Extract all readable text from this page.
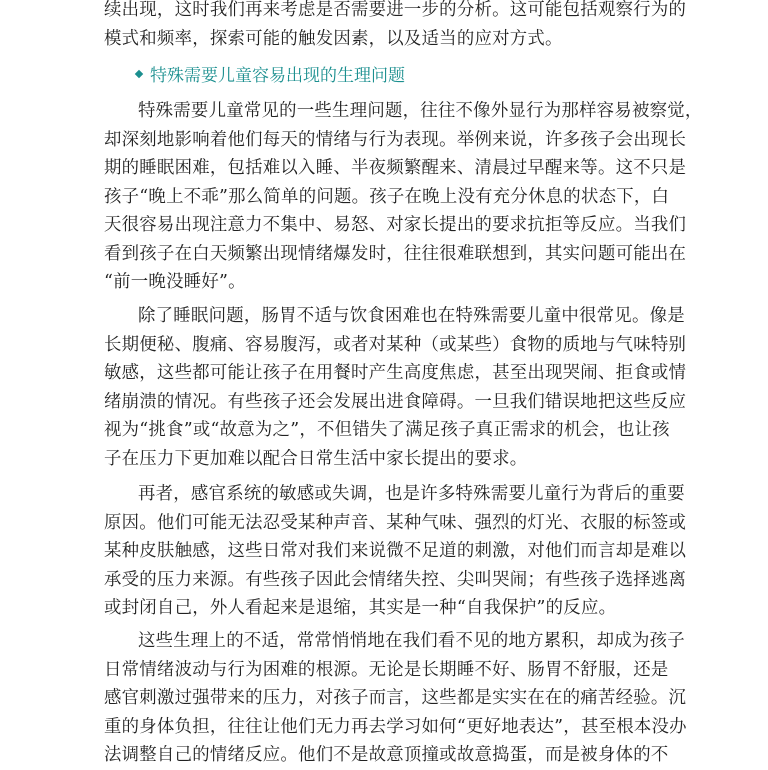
续出现，这时我们再来考虑是否需要进一步的分析。这可能包括观察行为的
模式和频率，探索可能的触发因素，以及适当的应对方式。

特殊需要儿童容易出现的生理问题

特殊需要儿童常见的一些生理问题，往往不像外显行为那样容易被察觉，
却深刻地影响着他们每天的情绪与行为表现。举例来说，许多孩子会出现长
期的睡眠困难，包括难以入睡、半夜频繁醒来、清晨过早醒来等。这不只是
孩子“晚上不乖”那么简单的问题。孩子在晚上没有充分休息的状态下，白
天很容易出现注意力不集中、易怒、对家长提出的要求抗拒等反应。当我们
看到孩子在白天频繁出现情绪爆发时，往往很难联想到，其实问题可能出在
“前一晚没睡好”。

除了睡眠问题，肠胃不适与饮食困难也在特殊需要儿童中很常见。像是
长期便秘、腹痛、容易腹泻，或者对某种（或某些）食物的质地与气味特别
敏感，这些都可能让孩子在用餐时产生高度焦虑，甚至出现哭闹、拒食或情
绪崩溃的情况。有些孩子还会发展出进食障碍。一旦我们错误地把这些反应
视为“挑食”或“故意为之”，不但错失了满足孩子真正需求的机会，也让孩
子在压力下更加难以配合日常生活中家长提出的要求。

再者，感官系统的敏感或失调，也是许多特殊需要儿童行为背后的重要
原因。他们可能无法忍受某种声音、某种气味、强烈的灯光、衣服的标签或
某种皮肤触感，这些日常对我们来说微不足道的刺激，对他们而言却是难以
承受的压力来源。有些孩子因此会情绪失控、尖叫哭闹；有些孩子选择逃离
或封闭自己，外人看起来是退缩，其实是一种“自我保护”的反应。

这些生理上的不适，常常悄悄地在我们看不见的地方累积，却成为孩子
日常情绪波动与行为困难的根源。无论是长期睡不好、肠胃不舒服，还是
感官刺激过强带来的压力，对孩子而言，这些都是实实在在的痛苦经验。沉
重的身体负担，往往让他们无力再去学习如何“更好地表达”，甚至根本没办
法调整自己的情绪反应。他们不是故意顶撞或故意捣蛋，而是被身体的不
